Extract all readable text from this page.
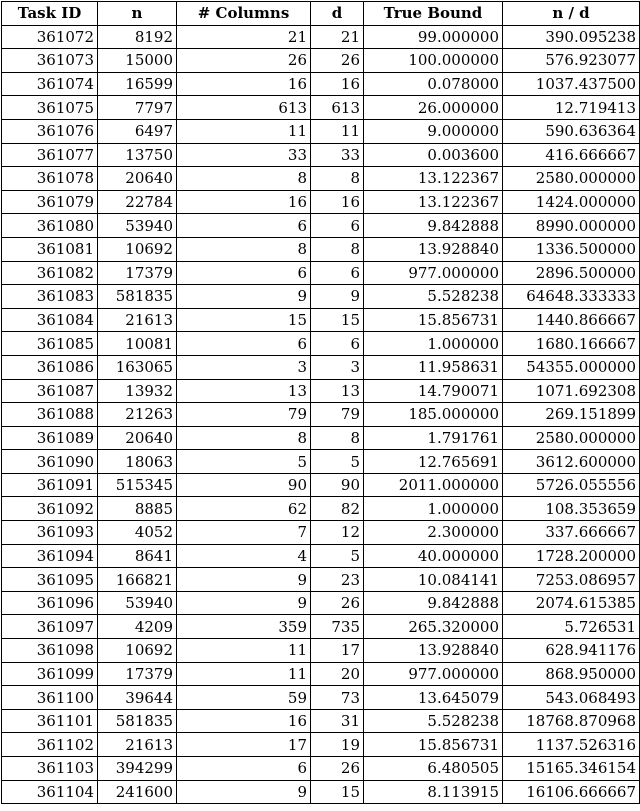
Task ID	n	# Columns	d	True Bound	n / d
361072	8192	21	21	99.000000	390.095238
361073	15000	26	26	100.000000	576.923077
361074	16599	16	16	0.078000	1037.437500
361075	7797	613	613	26.000000	12.719413
361076	6497	11	11	9.000000	590.636364
361077	13750	33	33	0.003600	416.666667
361078	20640	8	8	13.122367	2580.000000
361079	22784	16	16	13.122367	1424.000000
361080	53940	6	6	9.842888	8990.000000
361081	10692	8	8	13.928840	1336.500000
361082	17379	6	6	977.000000	2896.500000
361083	581835	9	9	5.528238	64648.333333
361084	21613	15	15	15.856731	1440.866667
361085	10081	6	6	1.000000	1680.166667
361086	163065	3	3	11.958631	54355.000000
361087	13932	13	13	14.790071	1071.692308
361088	21263	79	79	185.000000	269.151899
361089	20640	8	8	1.791761	2580.000000
361090	18063	5	5	12.765691	3612.600000
361091	515345	90	90	2011.000000	5726.055556
361092	8885	62	82	1.000000	108.353659
361093	4052	7	12	2.300000	337.666667
361094	8641	4	5	40.000000	1728.200000
361095	166821	9	23	10.084141	7253.086957
361096	53940	9	26	9.842888	2074.615385
361097	4209	359	735	265.320000	5.726531
361098	10692	11	17	13.928840	628.941176
361099	17379	11	20	977.000000	868.950000
361100	39644	59	73	13.645079	543.068493
361101	581835	16	31	5.528238	18768.870968
361102	21613	17	19	15.856731	1137.526316
361103	394299	6	26	6.480505	15165.346154
361104	241600	9	15	8.113915	16106.666667
